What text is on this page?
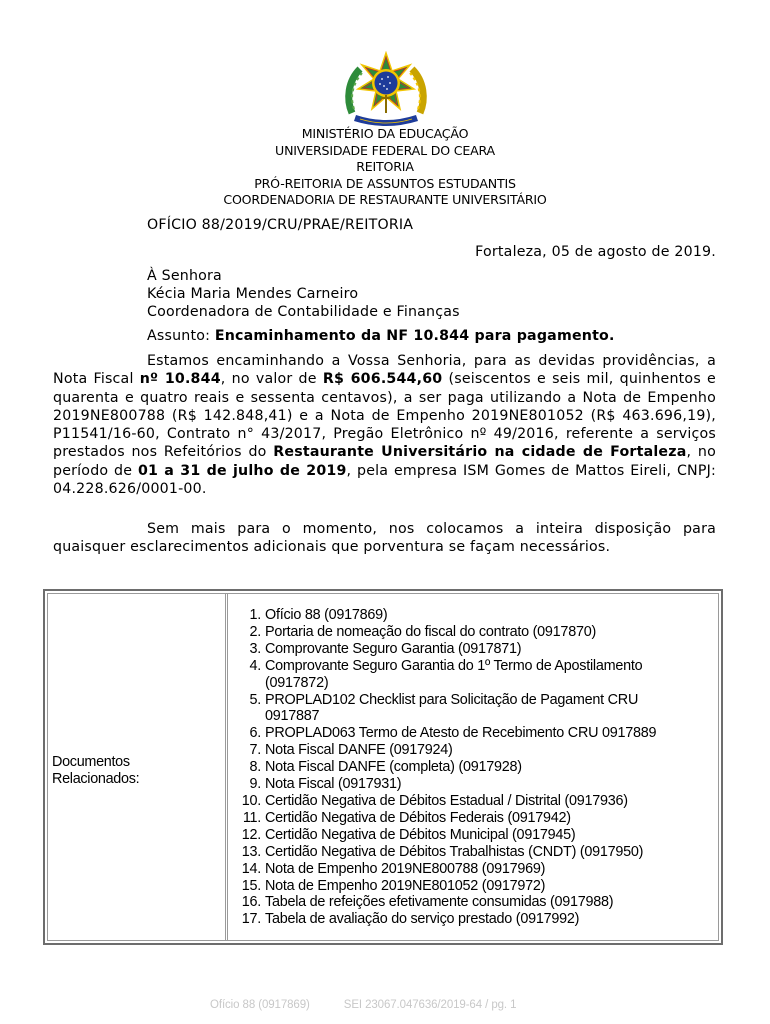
MINISTÉRIO DA EDUCAÇÃO
UNIVERSIDADE FEDERAL DO CEARA
REITORIA
PRÓ-REITORIA DE ASSUNTOS ESTUDANTIS
COORDENADORIA DE RESTAURANTE UNIVERSITÁRIO
OFÍCIO 88/2019/CRU/PRAE/REITORIA
Fortaleza, 05 de agosto de 2019.
À Senhora
Kécia Maria Mendes Carneiro
Coordenadora de Contabilidade e Finanças
Assunto: Encaminhamento da NF 10.844 para pagamento.
Estamos encaminhando a Vossa Senhoria, para as devidas providências, a Nota Fiscal nº 10.844, no valor de R$ 606.544,60 (seiscentos e seis mil, quinhentos e quarenta e quatro reais e sessenta centavos), a ser paga utilizando a Nota de Empenho 2019NE800788 (R$ 142.848,41) e a Nota de Empenho 2019NE801052 (R$ 463.696,19), P11541/16-60, Contrato n° 43/2017, Pregão Eletrônico nº 49/2016, referente a serviços prestados nos Refeitórios do Restaurante Universitário na cidade de Fortaleza, no período de 01 a 31 de julho de 2019, pela empresa ISM Gomes de Mattos Eireli, CNPJ: 04.228.626/0001-00.
Sem mais para o momento, nos colocamos a inteira disposição para quaisquer esclarecimentos adicionais que porventura se façam necessários.
Documentos
Relacionados:
1. Ofício 88 (0917869)
2. Portaria de nomeação do fiscal do contrato (0917870)
3. Comprovante Seguro Garantia (0917871)
4. Comprovante Seguro Garantia do 1º Termo de Apostilamento
(0917872)
5. PROPLAD102 Checklist para Solicitação de Pagament CRU
0917887
6. PROPLAD063 Termo de Atesto de Recebimento CRU 0917889
7. Nota Fiscal DANFE (0917924)
8. Nota Fiscal DANFE (completa) (0917928)
9. Nota Fiscal (0917931)
10. Certidão Negativa de Débitos Estadual / Distrital (0917936)
11. Certidão Negativa de Débitos Federais (0917942)
12. Certidão Negativa de Débitos Municipal (0917945)
13. Certidão Negativa de Débitos Trabalhistas (CNDT) (0917950)
14. Nota de Empenho 2019NE800788 (0917969)
15. Nota de Empenho 2019NE801052 (0917972)
16. Tabela de refeições efetivamente consumidas (0917988)
17. Tabela de avaliação do serviço prestado (0917992)
Ofício 88 (0917869)	SEI 23067.047636/2019-64 / pg. 1
